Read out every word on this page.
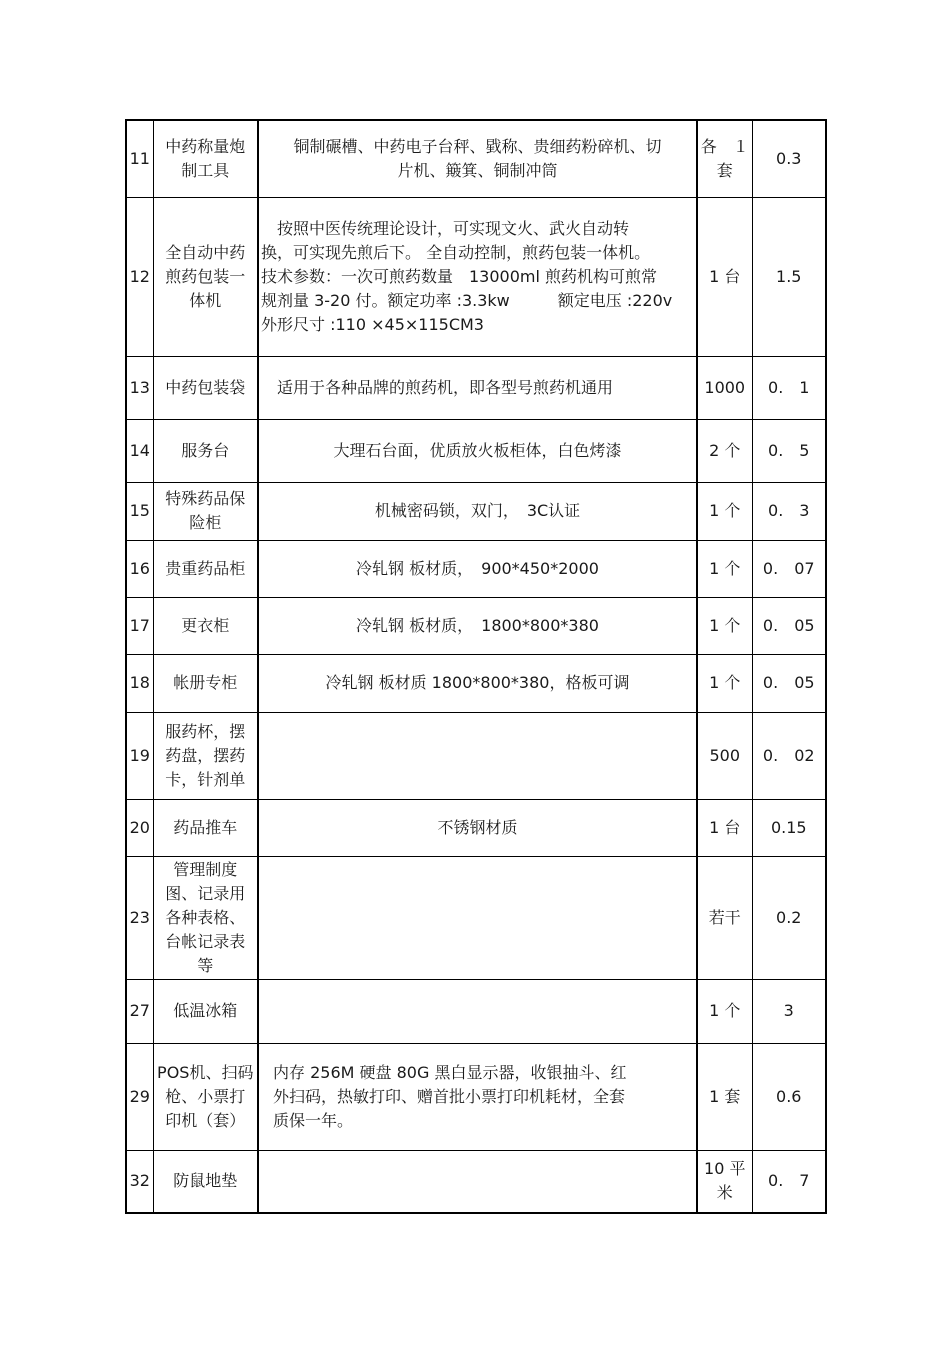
11	中药称量炮
制工具	铜制碾槽、中药电子台秤、戥称、贵细药粉碎机、切
片机、簸箕、铜制冲筒	各　１
套	0.3
12	全自动中药
煎药包装一
体机	　按照中医传统理论设计，可实现文火、武火自动转
换，可实现先煎后下。 全自动控制，煎药包装一体机。
技术参数：一次可煎药数量　13000ml 煎药机构可煎常
规剂量 3-20 付。额定功率 :3.3kw　　　额定电压 :220v
外形尺寸 :110 ×45×115CM3	1 台	1.5
13	中药包装袋	　适用于各种品牌的煎药机，即各型号煎药机通用	1000	0.　1
14	服务台	大理石台面，优质放火板柜体，白色烤漆	2 个	0.　5
15	特殊药品保
险柜	机械密码锁，双门，　3C认证	1 个	0.　3
16	贵重药品柜	冷轧钢 板材质，　900*450*2000	1 个	0.　07
17	更衣柜	冷轧钢 板材质，　1800*800*380	1 个	0.　05
18	帐册专柜	冷轧钢 板材质 1800*800*380，格板可调	1 个	0.　05
19	服药杯，摆
药盘，摆药
卡，针剂单		500	0.　02
20	药品推车	不锈钢材质	1 台	0.15
23	管理制度
图、记录用
各种表格、
台帐记录表
等		若干	0.2
27	低温冰箱		1 个	3
29	POS机、扫码
枪、小票打
印机（套）	内存 256M 硬盘 80G 黑白显示器，收银抽斗、红
外扫码，热敏打印、赠首批小票打印机耗材，全套
质保一年。	1 套	0.6
32	防鼠地垫		10 平
米	0.　7
